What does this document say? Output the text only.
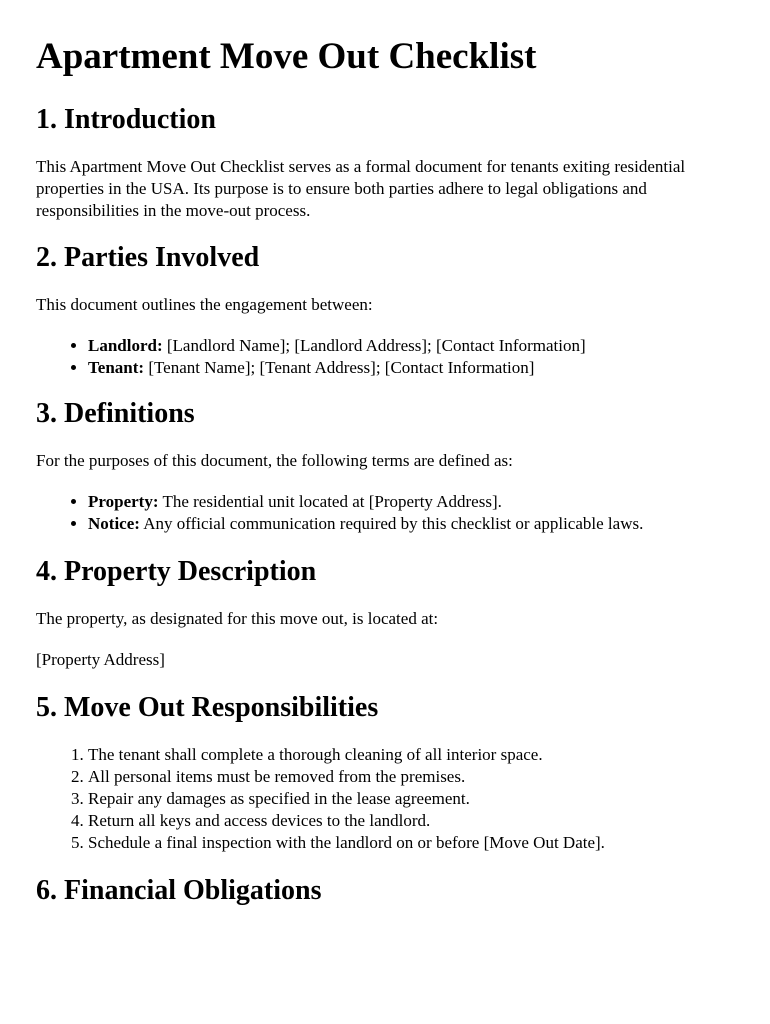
Apartment Move Out Checklist
1. Introduction

This Apartment Move Out Checklist serves as a formal document for tenants exiting residential properties in the USA. Its purpose is to ensure both parties adhere to legal obligations and responsibilities in the move-out process.

2. Parties Involved

This document outlines the engagement between:

• Landlord: [Landlord Name]; [Landlord Address]; [Contact Information]
• Tenant: [Tenant Name]; [Tenant Address]; [Contact Information]
3. Definitions

For the purposes of this document, the following terms are defined as:

• Property: The residential unit located at [Property Address].
• Notice: Any official communication required by this checklist or applicable laws.
4. Property Description

The property, as designated for this move out, is located at:

[Property Address]

5. Move Out Responsibilities
1. The tenant shall complete a thorough cleaning of all interior space.
2. All personal items must be removed from the premises.
3. Repair any damages as specified in the lease agreement.
4. Return all keys and access devices to the landlord.
5. Schedule a final inspection with the landlord on or before [Move Out Date].
6. Financial Obligations
